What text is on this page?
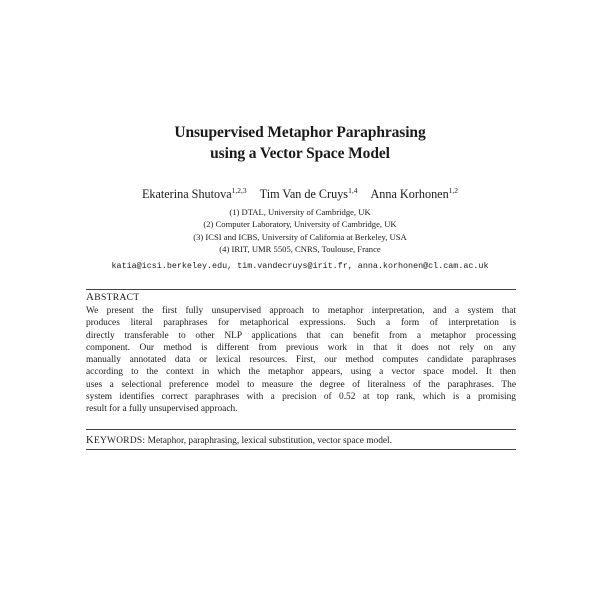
Unsupervised Metaphor Paraphrasing
using a Vector Space Model
Ekaterina Shutova$^{1,2,3}$ Tim Van de Cruys$^{1,4}$ Anna Korhonen$^{1,2}$
(1) DTAL, University of Cambridge, UK
(2) Computer Laboratory, University of Cambridge, UK
(3) ICSI and ICBS, University of California at Berkeley, USA
(4) IRIT, UMR 5505, CNRS, Toulouse, France
katia@icsi.berkeley.edu, tim.vandecruys@irit.fr, anna.korhonen@cl.cam.ac.uk
ABSTRACT
We present the first fully unsupervised approach to metaphor interpretation, and a system that
produces literal paraphrases for metaphorical expressions. Such a form of interpretation is
directly transferable to other NLP applications that can benefit from a metaphor processing
component. Our method is different from previous work in that it does not rely on any
manually annotated data or lexical resources. First, our method computes candidate paraphrases
according to the context in which the metaphor appears, using a vector space model. It then
uses a selectional preference model to measure the degree of literalness of the paraphrases. The
system identifies correct paraphrases with a precision of 0.52 at top rank, which is a promising
result for a fully unsupervised approach.
KEYWORDS: Metaphor, paraphrasing, lexical substitution, vector space model.
